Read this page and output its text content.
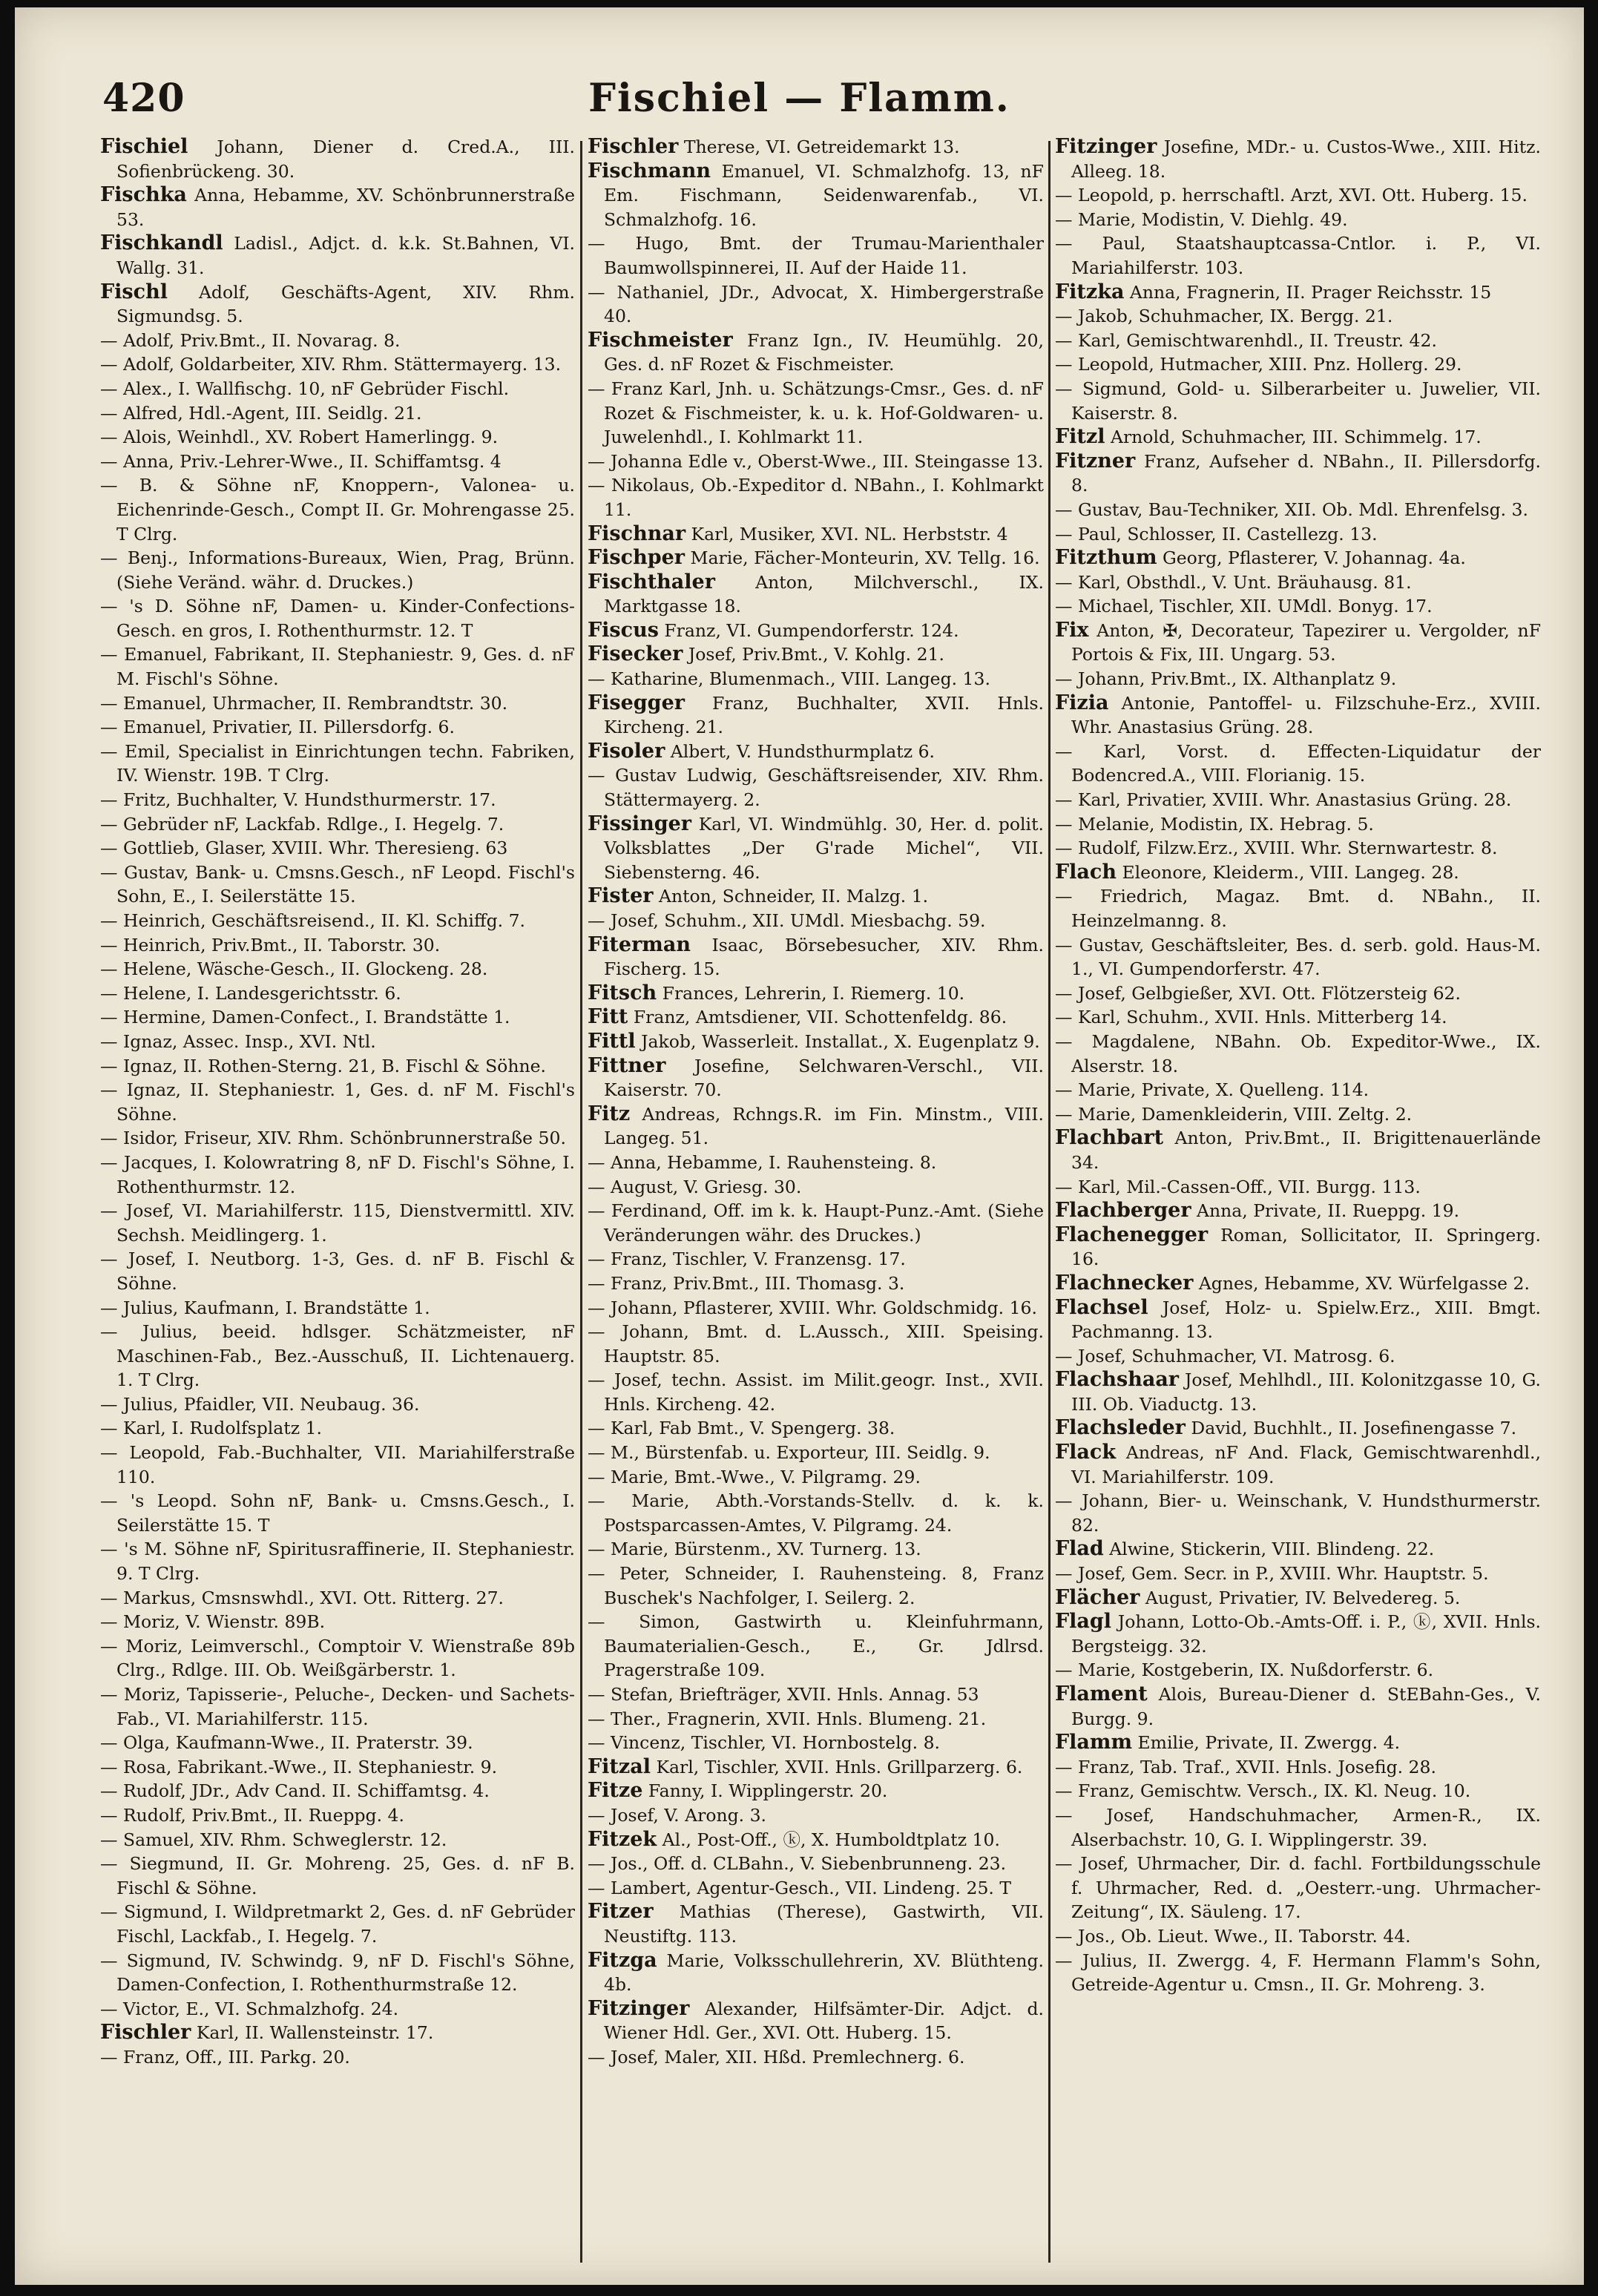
420	Fischiel — Flamm.
Fischiel Johann, Diener d. Cred.A., III. Sofienbrückeng. 30.
Fischka Anna, Hebamme, XV. Schönbrunnerstraße 53.
Fischkandl Ladisl., Adjct. d. k.k. St.Bahnen, VI. Wallg. 31.
Fischl Adolf, Geschäfts-Agent, XIV. Rhm. Sigmundsg. 5.
— Adolf, Priv.Bmt., II. Novarag. 8.
— Adolf, Goldarbeiter, XIV. Rhm. Stättermayerg. 13.
— Alex., I. Wallfischg. 10, nF Gebrüder Fischl.
— Alfred, Hdl.-Agent, III. Seidlg. 21.
— Alois, Weinhdl., XV. Robert Hamerlingg. 9.
— Anna, Priv.-Lehrer-Wwe., II. Schiffamtsg. 4
— B. & Söhne nF, Knoppern-, Valonea- u. Eichenrinde-Gesch., Compt II. Gr. Mohrengasse 25. T Clrg.
— Benj., Informations-Bureaux, Wien, Prag, Brünn. (Siehe Veränd. währ. d. Druckes.)
— 's D. Söhne nF, Damen- u. Kinder-Confections-Gesch. en gros, I. Rothenthurmstr. 12. T
— Emanuel, Fabrikant, II. Stephaniestr. 9, Ges. d. nF M. Fischl's Söhne.
— Emanuel, Uhrmacher, II. Rembrandtstr. 30.
— Emanuel, Privatier, II. Pillersdorfg. 6.
— Emil, Specialist in Einrichtungen techn. Fabriken, IV. Wienstr. 19B. T Clrg.
— Fritz, Buchhalter, V. Hundsthurmerstr. 17.
— Gebrüder nF, Lackfab. Rdlge., I. Hegelg. 7.
— Gottlieb, Glaser, XVIII. Whr. Theresieng. 63
— Gustav, Bank- u. Cmsns.Gesch., nF Leopd. Fischl's Sohn, E., I. Seilerstätte 15.
— Heinrich, Geschäftsreisend., II. Kl. Schiffg. 7.
— Heinrich, Priv.Bmt., II. Taborstr. 30.
— Helene, Wäsche-Gesch., II. Glockeng. 28.
— Helene, I. Landesgerichtsstr. 6.
— Hermine, Damen-Confect., I. Brandstätte 1.
— Ignaz, Assec. Insp., XVI. Ntl.
— Ignaz, II. Rothen-Sterng. 21, B. Fischl & Söhne.
— Ignaz, II. Stephaniestr. 1, Ges. d. nF M. Fischl's Söhne.
— Isidor, Friseur, XIV. Rhm. Schönbrunnerstraße 50.
— Jacques, I. Kolowratring 8, nF D. Fischl's Söhne, I. Rothenthurmstr. 12.
— Josef, VI. Mariahilferstr. 115, Dienstvermittl. XIV. Sechsh. Meidlingerg. 1.
— Josef, I. Neutborg. 1-3, Ges. d. nF B. Fischl & Söhne.
— Julius, Kaufmann, I. Brandstätte 1.
— Julius, beeid. hdlsger. Schätzmeister, nF Maschinen-Fab., Bez.-Ausschuß, II. Lichtenauerg. 1. T Clrg.
— Julius, Pfaidler, VII. Neubaug. 36.
— Karl, I. Rudolfsplatz 1.
— Leopold, Fab.-Buchhalter, VII. Mariahilferstraße 110.
— 's Leopd. Sohn nF, Bank- u. Cmsns.Gesch., I. Seilerstätte 15. T
— 's M. Söhne nF, Spiritusraffinerie, II. Stephaniestr. 9. T Clrg.
— Markus, Cmsnswhdl., XVI. Ott. Ritterg. 27.
— Moriz, V. Wienstr. 89B.
— Moriz, Leimverschl., Comptoir V. Wienstraße 89b Clrg., Rdlge. III. Ob. Weißgärberstr. 1.
— Moriz, Tapisserie-, Peluche-, Decken- und Sachets-Fab., VI. Mariahilferstr. 115.
— Olga, Kaufmann-Wwe., II. Praterstr. 39.
— Rosa, Fabrikant.-Wwe., II. Stephaniestr. 9.
— Rudolf, JDr., Adv Cand. II. Schiffamtsg. 4.
— Rudolf, Priv.Bmt., II. Rueppg. 4.
— Samuel, XIV. Rhm. Schweglerstr. 12.
— Siegmund, II. Gr. Mohreng. 25, Ges. d. nF B. Fischl & Söhne.
— Sigmund, I. Wildpretmarkt 2, Ges. d. nF Gebrüder Fischl, Lackfab., I. Hegelg. 7.
— Sigmund, IV. Schwindg. 9, nF D. Fischl's Söhne, Damen-Confection, I. Rothenthurmstraße 12.
— Victor, E., VI. Schmalzhofg. 24.
Fischler Karl, II. Wallensteinstr. 17.
— Franz, Off., III. Parkg. 20.
Fischler Therese, VI. Getreidemarkt 13.
Fischmann Emanuel, VI. Schmalzhofg. 13, nF Em. Fischmann, Seidenwarenfab., VI. Schmalzhofg. 16.
— Hugo, Bmt. der Trumau-Marienthaler Baumwollspinnerei, II. Auf der Haide 11.
— Nathaniel, JDr., Advocat, X. Himbergerstraße 40.
Fischmeister Franz Ign., IV. Heumühlg. 20, Ges. d. nF Rozet & Fischmeister.
— Franz Karl, Jnh. u. Schätzungs-Cmsr., Ges. d. nF Rozet & Fischmeister, k. u. k. Hof-Goldwaren- u. Juwelenhdl., I. Kohlmarkt 11.
— Johanna Edle v., Oberst-Wwe., III. Steingasse 13.
— Nikolaus, Ob.-Expeditor d. NBahn., I. Kohlmarkt 11.
Fischnar Karl, Musiker, XVI. NL. Herbststr. 4
Fischper Marie, Fächer-Monteurin, XV. Tellg. 16.
Fischthaler Anton, Milchverschl., IX. Marktgasse 18.
Fiscus Franz, VI. Gumpendorferstr. 124.
Fisecker Josef, Priv.Bmt., V. Kohlg. 21.
— Katharine, Blumenmach., VIII. Langeg. 13.
Fisegger Franz, Buchhalter, XVII. Hnls. Kircheng. 21.
Fisoler Albert, V. Hundsthurmplatz 6.
— Gustav Ludwig, Geschäftsreisender, XIV. Rhm. Stättermayerg. 2.
Fissinger Karl, VI. Windmühlg. 30, Her. d. polit. Volksblattes „Der G'rade Michel“, VII. Siebensterng. 46.
Fister Anton, Schneider, II. Malzg. 1.
— Josef, Schuhm., XII. UMdl. Miesbachg. 59.
Fiterman Isaac, Börsebesucher, XIV. Rhm. Fischerg. 15.
Fitsch Frances, Lehrerin, I. Riemerg. 10.
Fitt Franz, Amtsdiener, VII. Schottenfeldg. 86.
Fittl Jakob, Wasserleit. Installat., X. Eugenplatz 9.
Fittner Josefine, Selchwaren-Verschl., VII. Kaiserstr. 70.
Fitz Andreas, Rchngs.R. im Fin. Minstm., VIII. Langeg. 51.
— Anna, Hebamme, I. Rauhensteing. 8.
— August, V. Griesg. 30.
— Ferdinand, Off. im k. k. Haupt-Punz.-Amt. (Siehe Veränderungen währ. des Druckes.)
— Franz, Tischler, V. Franzensg. 17.
— Franz, Priv.Bmt., III. Thomasg. 3.
— Johann, Pflasterer, XVIII. Whr. Goldschmidg. 16.
— Johann, Bmt. d. L.Aussch., XIII. Speising. Hauptstr. 85.
— Josef, techn. Assist. im Milit.geogr. Inst., XVII. Hnls. Kircheng. 42.
— Karl, Fab Bmt., V. Spengerg. 38.
— M., Bürstenfab. u. Exporteur, III. Seidlg. 9.
— Marie, Bmt.-Wwe., V. Pilgramg. 29.
— Marie, Abth.-Vorstands-Stellv. d. k. k. Postsparcassen-Amtes, V. Pilgramg. 24.
— Marie, Bürstenm., XV. Turnerg. 13.
— Peter, Schneider, I. Rauhensteing. 8, Franz Buschek's Nachfolger, I. Seilerg. 2.
— Simon, Gastwirth u. Kleinfuhrmann, Baumaterialien-Gesch., E., Gr. Jdlrsd. Pragerstraße 109.
— Stefan, Briefträger, XVII. Hnls. Annag. 53
— Ther., Fragnerin, XVII. Hnls. Blumeng. 21.
— Vincenz, Tischler, VI. Hornbostelg. 8.
Fitzal Karl, Tischler, XVII. Hnls. Grillparzerg. 6.
Fitze Fanny, I. Wipplingerstr. 20.
— Josef, V. Arong. 3.
Fitzek Al., Post-Off., ⓚ, X. Humboldtplatz 10.
— Jos., Off. d. CLBahn., V. Siebenbrunneng. 23.
— Lambert, Agentur-Gesch., VII. Lindeng. 25. T
Fitzer Mathias (Therese), Gastwirth, VII. Neustiftg. 113.
Fitzga Marie, Volksschullehrerin, XV. Blüthteng. 4b.
Fitzinger Alexander, Hilfsämter-Dir. Adjct. d. Wiener Hdl. Ger., XVI. Ott. Huberg. 15.
— Josef, Maler, XII. Hßd. Premlechnerg. 6.
Fitzinger Josefine, MDr.- u. Custos-Wwe., XIII. Hitz. Alleeg. 18.
— Leopold, p. herrschaftl. Arzt, XVI. Ott. Huberg. 15.
— Marie, Modistin, V. Diehlg. 49.
— Paul, Staatshauptcassa-Cntlor. i. P., VI. Mariahilferstr. 103.
Fitzka Anna, Fragnerin, II. Prager Reichsstr. 15
— Jakob, Schuhmacher, IX. Bergg. 21.
— Karl, Gemischtwarenhdl., II. Treustr. 42.
— Leopold, Hutmacher, XIII. Pnz. Hollerg. 29.
— Sigmund, Gold- u. Silberarbeiter u. Juwelier, VII. Kaiserstr. 8.
Fitzl Arnold, Schuhmacher, III. Schimmelg. 17.
Fitzner Franz, Aufseher d. NBahn., II. Pillersdorfg. 8.
— Gustav, Bau-Techniker, XII. Ob. Mdl. Ehrenfelsg. 3.
— Paul, Schlosser, II. Castellezg. 13.
Fitzthum Georg, Pflasterer, V. Johannag. 4a.
— Karl, Obsthdl., V. Unt. Bräuhausg. 81.
— Michael, Tischler, XII. UMdl. Bonyg. 17.
Fix Anton, ✠, Decorateur, Tapezirer u. Vergolder, nF Portois & Fix, III. Ungarg. 53.
— Johann, Priv.Bmt., IX. Althanplatz 9.
Fizia Antonie, Pantoffel- u. Filzschuhe-Erz., XVIII. Whr. Anastasius Grüng. 28.
— Karl, Vorst. d. Effecten-Liquidatur der Bodencred.A., VIII. Florianig. 15.
— Karl, Privatier, XVIII. Whr. Anastasius Grüng. 28.
— Melanie, Modistin, IX. Hebrag. 5.
— Rudolf, Filzw.Erz., XVIII. Whr. Sternwartestr. 8.
Flach Eleonore, Kleiderm., VIII. Langeg. 28.
— Friedrich, Magaz. Bmt. d. NBahn., II. Heinzelmanng. 8.
— Gustav, Geschäftsleiter, Bes. d. serb. gold. Haus-M. 1., VI. Gumpendorferstr. 47.
— Josef, Gelbgießer, XVI. Ott. Flötzersteig 62.
— Karl, Schuhm., XVII. Hnls. Mitterberg 14.
— Magdalene, NBahn. Ob. Expeditor-Wwe., IX. Alserstr. 18.
— Marie, Private, X. Quelleng. 114.
— Marie, Damenkleiderin, VIII. Zeltg. 2.
Flachbart Anton, Priv.Bmt., II. Brigittenauerlände 34.
— Karl, Mil.-Cassen-Off., VII. Burgg. 113.
Flachberger Anna, Private, II. Rueppg. 19.
Flachenegger Roman, Sollicitator, II. Springerg. 16.
Flachnecker Agnes, Hebamme, XV. Würfelgasse 2.
Flachsel Josef, Holz- u. Spielw.Erz., XIII. Bmgt. Pachmanng. 13.
— Josef, Schuhmacher, VI. Matrosg. 6.
Flachshaar Josef, Mehlhdl., III. Kolonitzgasse 10, G. III. Ob. Viaductg. 13.
Flachsleder David, Buchhlt., II. Josefinengasse 7.
Flack Andreas, nF And. Flack, Gemischtwarenhdl., VI. Mariahilferstr. 109.
— Johann, Bier- u. Weinschank, V. Hundsthurmerstr. 82.
Flad Alwine, Stickerin, VIII. Blindeng. 22.
— Josef, Gem. Secr. in P., XVIII. Whr. Hauptstr. 5.
Flächer August, Privatier, IV. Belvedereg. 5.
Flagl Johann, Lotto-Ob.-Amts-Off. i. P., ⓚ, XVII. Hnls. Bergsteigg. 32.
— Marie, Kostgeberin, IX. Nußdorferstr. 6.
Flament Alois, Bureau-Diener d. StEBahn-Ges., V. Burgg. 9.
Flamm Emilie, Private, II. Zwergg. 4.
— Franz, Tab. Traf., XVII. Hnls. Josefig. 28.
— Franz, Gemischtw. Versch., IX. Kl. Neug. 10.
— Josef, Handschuhmacher, Armen-R., IX. Alserbachstr. 10, G. I. Wipplingerstr. 39.
— Josef, Uhrmacher, Dir. d. fachl. Fortbildungsschule f. Uhrmacher, Red. d. „Oesterr.-ung. Uhrmacher-Zeitung“, IX. Säuleng. 17.
— Jos., Ob. Lieut. Wwe., II. Taborstr. 44.
— Julius, II. Zwergg. 4, F. Hermann Flamm's Sohn, Getreide-Agentur u. Cmsn., II. Gr. Mohreng. 3.
